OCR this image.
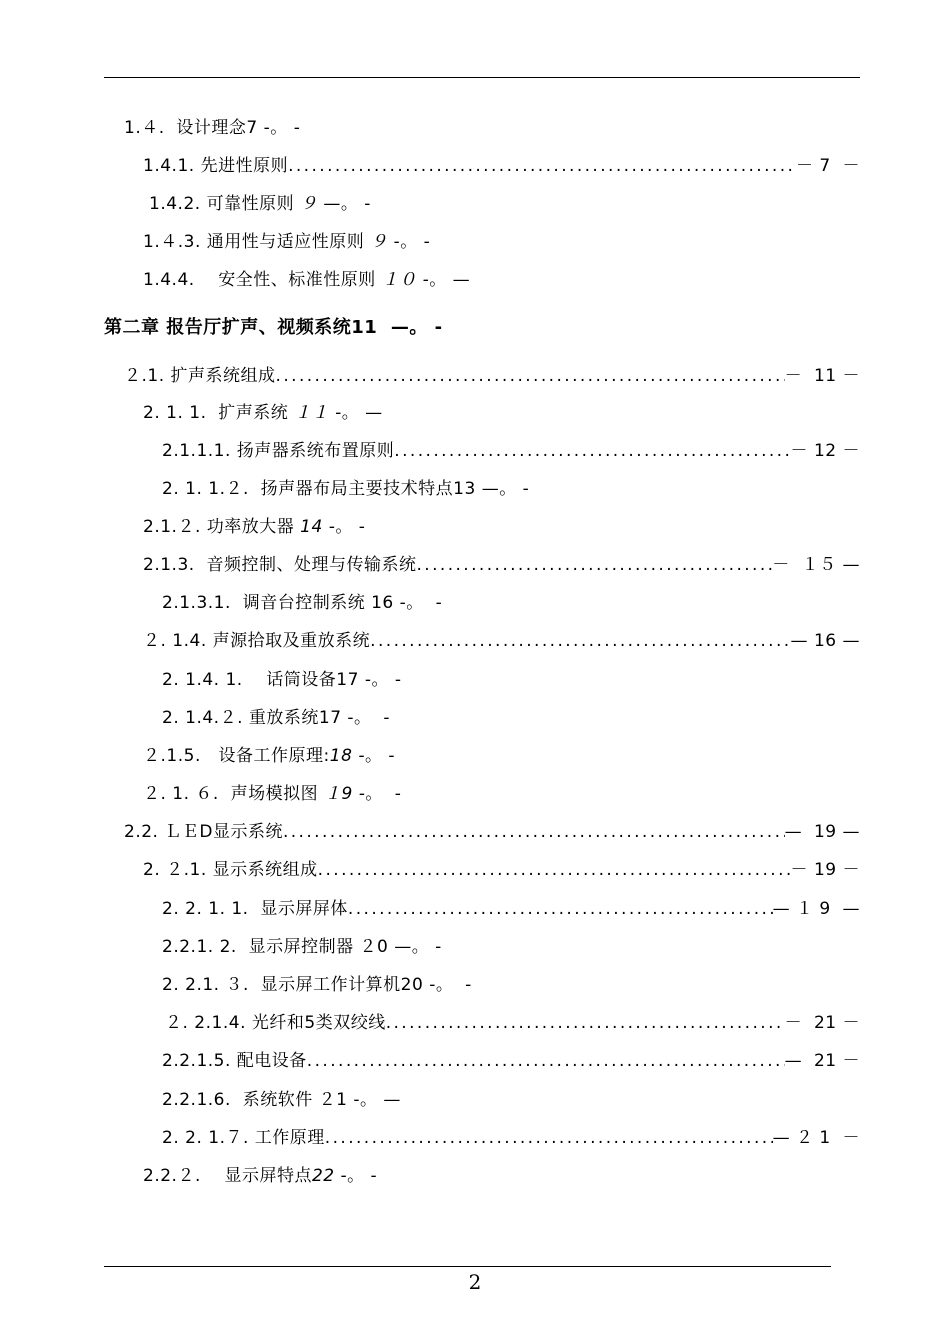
1.４. 设计理念7 - 。 -
1.4.1. 先进性原则 .....	－ 7  －
1.4.2. 可靠性原则 ９ — 。 -
1.４.3. 通用性与适应性原则 ９ - 。 -
1.4.4. 安全性、标准性原则 １０ - 。 —
第二章 报告厅扩声、视频系统11  — 。 -
２.1. 扩声系统组成 .....	－  11 －
2. 1. 1. 扩声系统 １１ - 。 —
2.1.1.1. 扬声器系统布置原则 .....	－ 12 －
2. 1. 1.２. 扬声器布局主要技术特点13 — 。 -
2.1.２. 功率放大器 14 - 。 -
2.1.3. 音频控制、处理与传输系统 .....	－  １５ —
2.1.3.1. 调音台控制系统 16 - 。  -
２. 1.4. 声源拾取及重放系统 .....	— 16 —
2. 1.4. 1. 话筒设备17 - 。 -
2. 1.4.２. 重放系统17 - 。  -
２.1.5. 设备工作原理: 18 - 。 -
２. 1. ６. 声场模拟图 １9 - 。  -
2.2. ＬＥD显示系统 .....	—  19 —
2. ２.1. 显示系统组成 .....	－ 19 －
2. 2. 1. 1. 显示屏屏体 .....	— １ 9  —
2.2.1. 2. 显示屏控制器 ２0 — 。 -
2. 2.1. ３. 显示屏工作计算机20 - 。  -
２. 2.1.4. 光纤和5类双绞线 .....	－  21 －
2.2.1.5. 配电设备 .....	—  21 －
2.2.1.6. 系统软件 ２1 - 。 —
2. 2. 1.７. 工作原理 .....	— ２ 1  －
2.2.２. 显示屏特点 22 - 。 -
2
